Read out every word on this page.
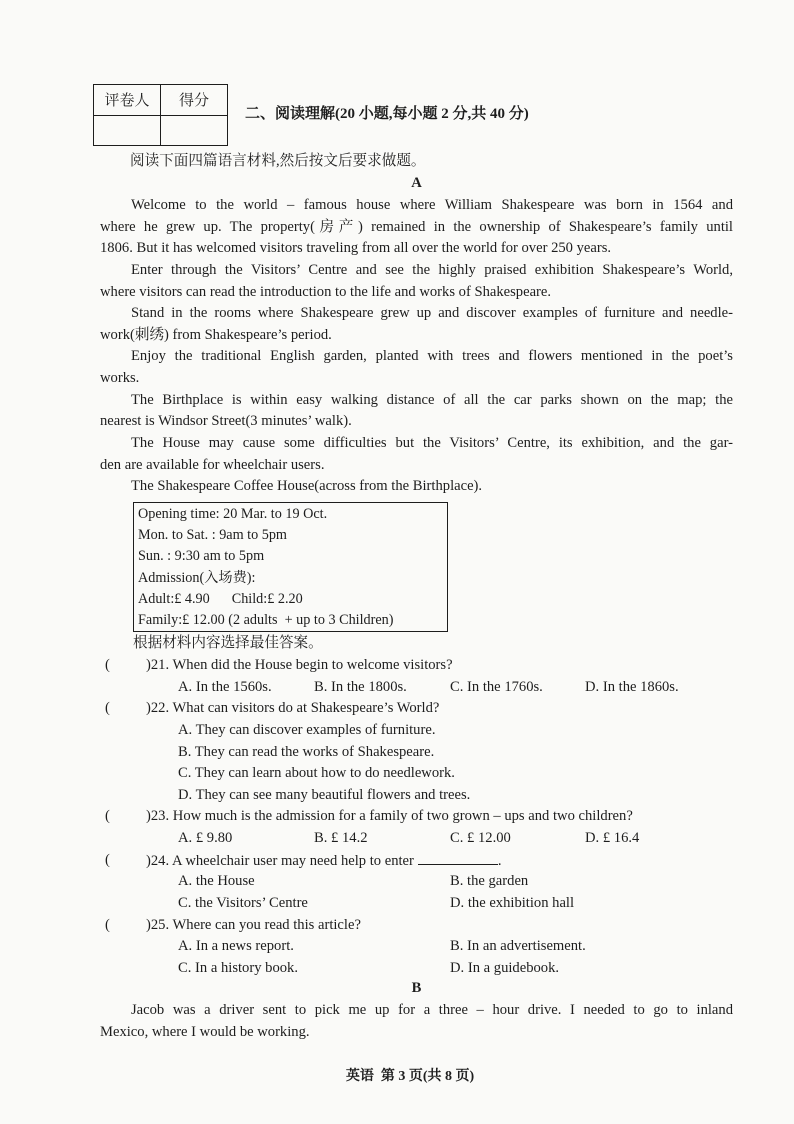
评卷人	得分

二、阅读理解(20 小题,每小题 2 分,共 40 分)
阅读下面四篇语言材料,然后按文后要求做题。
A
Welcome to the world – famous house where William Shakespeare was born in 1564 and
where he grew up. The property(房产) remained in the ownership of Shakespeare’s family until
1806. But it has welcomed visitors traveling from all over the world for over 250 years.
Enter through the Visitors’ Centre and see the highly praised exhibition Shakespeare’s World,
where visitors can read the introduction to the life and works of Shakespeare.
Stand in the rooms where Shakespeare grew up and discover examples of furniture and needle-
work(刺绣) from Shakespeare’s period.
Enjoy the traditional English garden, planted with trees and flowers mentioned in the poet’s
works.
The Birthplace is within easy walking distance of all the car parks shown on the map; the
nearest is Windsor Street(3 minutes’ walk).
The House may cause some difficulties but the Visitors’ Centre, its exhibition, and the gar-
den are available for wheelchair users.
The Shakespeare Coffee House(across from the Birthplace).
Opening time: 20 Mar. to 19 Oct.
Mon. to Sat. : 9am to 5pm
Sun. : 9:30 am to 5pm
Admission(入场费):
Adult:£ 4.90 Child:£ 2.20
Family:£ 12.00 (2 adults  + up to 3 Children)
根据材料内容选择最佳答案。
( )21. When did the House begin to welcome visitors?
A. In the 1560s.	B. In the 1800s.	C. In the 1760s.	D. In the 1860s.
( )22. What can visitors do at Shakespeare’s World?
A. They can discover examples of furniture.
B. They can read the works of Shakespeare.
C. They can learn about how to do needlework.
D. They can see many beautiful flowers and trees.
( )23. How much is the admission for a family of two grown – ups and two children?
A. £ 9.80	B. £ 14.2	C. £ 12.00	D. £ 16.4
( )24. A wheelchair user may need help to enter	.
A. the House	B. the garden
C. the Visitors’ Centre	D. the exhibition hall
( )25. Where can you read this article?
A. In a news report.	B. In an advertisement.
C. In a history book.	D. In a guidebook.
B
Jacob was a driver sent to pick me up for a three – hour drive. I needed to go to inland
Mexico, where I would be working.
英语  第 3 页(共 8 页)
